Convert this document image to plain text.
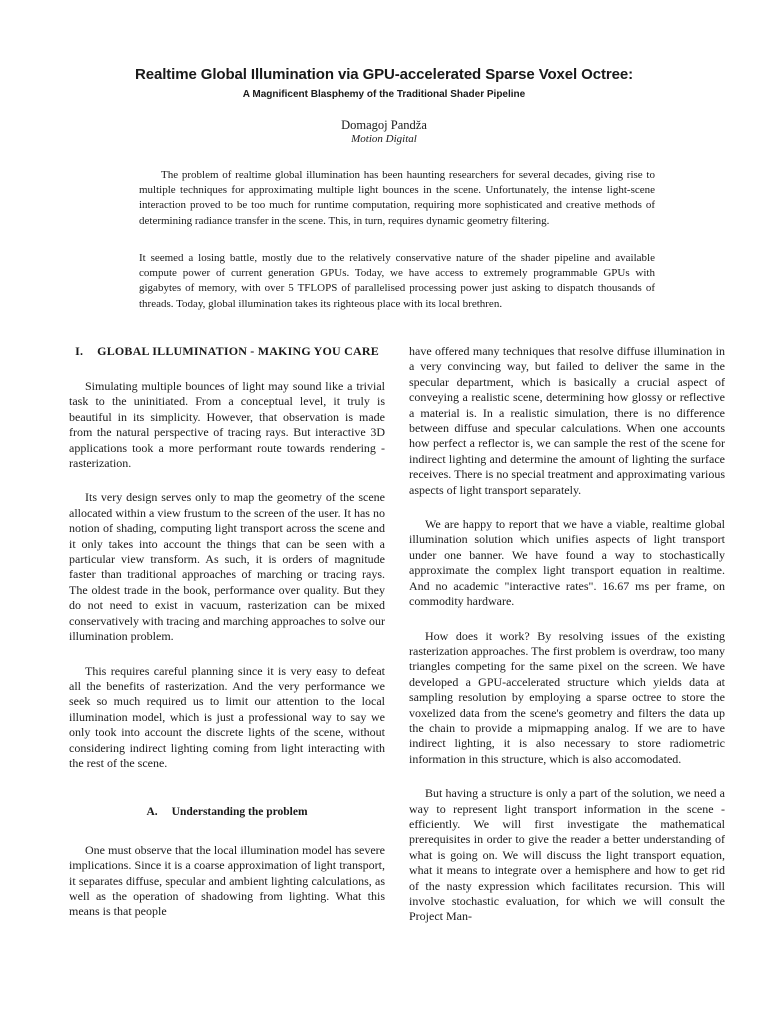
Realtime Global Illumination via GPU-accelerated Sparse Voxel Octree:
A Magnificent Blasphemy of the Traditional Shader Pipeline
Domagoj Pandža
Motion Digital
The problem of realtime global illumination has been haunting researchers for several decades, giving rise to multiple techniques for approximating multiple light bounces in the scene. Unfortunately, the intense light-scene interaction proved to be too much for runtime computation, requiring more sophisticated and creative methods of determining radiance transfer in the scene. This, in turn, requires dynamic geometry filtering.
It seemed a losing battle, mostly due to the relatively conservative nature of the shader pipeline and available compute power of current generation GPUs. Today, we have access to extremely programmable GPUs with gigabytes of memory, with over 5 TFLOPS of parallelised processing power just asking to dispatch thousands of threads. Today, global illumination takes its righteous place with its local brethren.
I. GLOBAL ILLUMINATION - MAKING YOU CARE

Simulating multiple bounces of light may sound like a trivial task to the uninitiated. From a conceptual level, it truly is beautiful in its simplicity. However, that observation is made from the natural perspective of tracing rays. But interactive 3D applications took a more performant route towards rendering - rasterization.

Its very design serves only to map the geometry of the scene allocated within a view frustum to the screen of the user. It has no notion of shading, computing light transport across the scene and it only takes into account the things that can be seen with a particular view transform. As such, it is orders of magnitude faster than traditional approaches of marching or tracing rays. The oldest trade in the book, performance over quality. But they do not need to exist in vacuum, rasterization can be mixed conservatively with tracing and marching approaches to solve our illumination problem.

This requires careful planning since it is very easy to defeat all the benefits of rasterization. And the very performance we seek so much required us to limit our attention to the local illumination model, which is just a professional way to say we only took into account the discrete lights of the scene, without considering indirect lighting coming from light interacting with the rest of the scene.

A. Understanding the problem

One must observe that the local illumination model has severe implications. Since it is a coarse approximation of light transport, it separates diffuse, specular and ambient lighting calculations, as well as the operation of shadowing from lighting. What this means is that people

have offered many techniques that resolve diffuse illumination in a very convincing way, but failed to deliver the same in the specular department, which is basically a crucial aspect of conveying a realistic scene, determining how glossy or reflective a material is. In a realistic simulation, there is no difference between diffuse and specular calculations. When one accounts how perfect a reflector is, we can sample the rest of the scene for indirect lighting and determine the amount of lighting the surface receives. There is no special treatment and approximating various aspects of light transport separately.

We are happy to report that we have a viable, realtime global illumination solution which unifies aspects of light transport under one banner. We have found a way to stochastically approximate the complex light transport equation in realtime. And no academic "interactive rates". 16.67 ms per frame, on commodity hardware.

How does it work? By resolving issues of the existing rasterization approaches. The first problem is overdraw, too many triangles competing for the same pixel on the screen. We have developed a GPU-accelerated structure which yields data at sampling resolution by employing a sparse octree to store the voxelized data from the scene's geometry and filters the data up the chain to provide a mipmapping analog. If we are to have indirect lighting, it is also necessary to store radiometric information in this structure, which is also accomodated.

But having a structure is only a part of the solution, we need a way to represent light transport information in the scene - efficiently. We will first investigate the mathematical prerequisites in order to give the reader a better understanding of what is going on. We will discuss the light transport equation, what it means to integrate over a hemisphere and how to get rid of the nasty expression which facilitates recursion. This will involve stochastic evaluation, for which we will consult the Project Man-
